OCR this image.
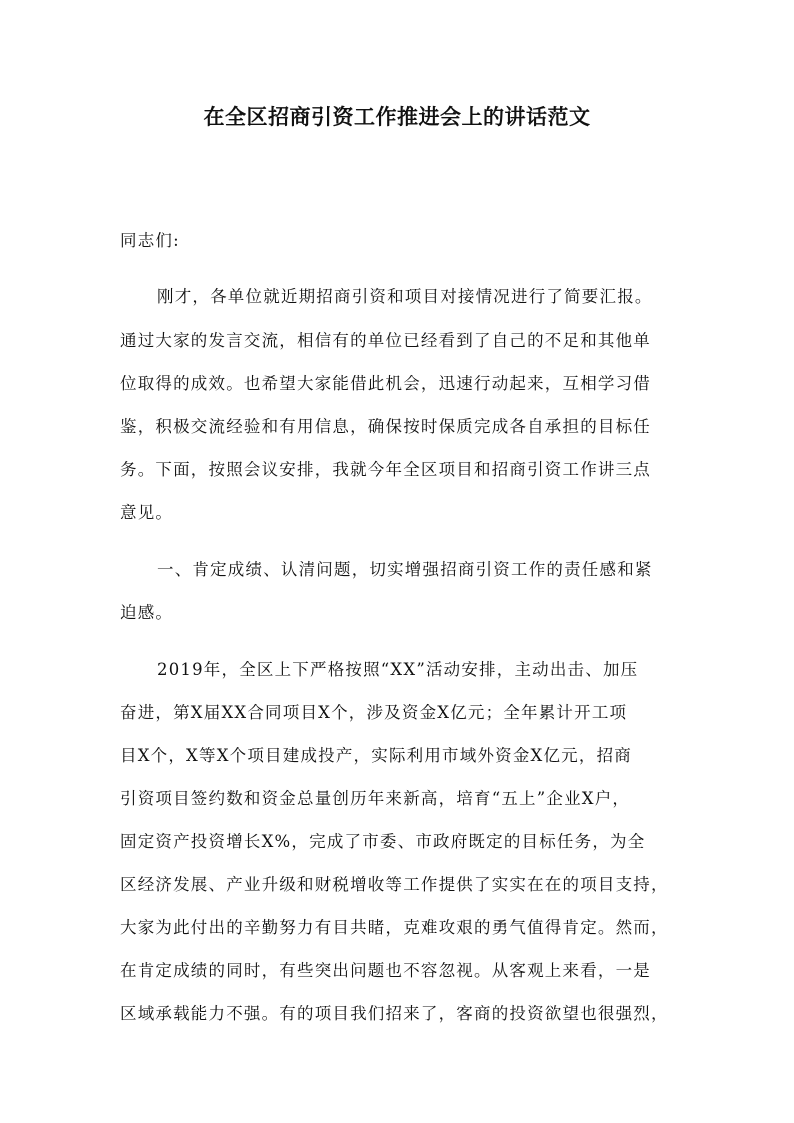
在全区招商引资工作推进会上的讲话范文
同志们:
刚才，各单位就近期招商引资和项目对接情况进行了简要汇报。
通过大家的发言交流，相信有的单位已经看到了自己的不足和其他单
位取得的成效。也希望大家能借此机会，迅速行动起来，互相学习借
鉴，积极交流经验和有用信息，确保按时保质完成各自承担的目标任
务。下面，按照会议安排，我就今年全区项目和招商引资工作讲三点
意见。
一、肯定成绩、认清问题，切实增强招商引资工作的责任感和紧
迫感。
2019年，全区上下严格按照“XX”活动安排，主动出击、加压
奋进，第X届XX合同项目X个，涉及资金X亿元；全年累计开工项
目X个，X等X个项目建成投产，实际利用市域外资金X亿元，招商
引资项目签约数和资金总量创历年来新高，培育“五上”企业X户，
固定资产投资增长X%，完成了市委、市政府既定的目标任务，为全
区经济发展、产业升级和财税增收等工作提供了实实在在的项目支持，
大家为此付出的辛勤努力有目共睹，克难攻艰的勇气值得肯定。然而，
在肯定成绩的同时，有些突出问题也不容忽视。从客观上来看，一是
区域承载能力不强。有的项目我们招来了，客商的投资欲望也很强烈，
